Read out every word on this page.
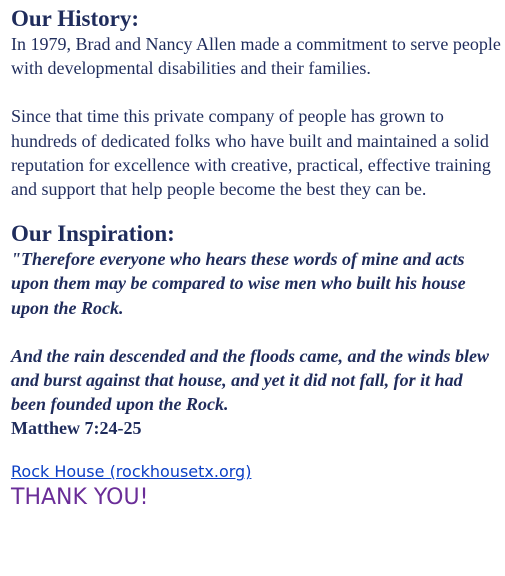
Our History:

In 1979, Brad and Nancy Allen made a commitment to serve people with developmental disabilities and their families.

Since that time this private company of people has grown to hundreds of dedicated folks who have built and maintained a solid reputation for excellence with creative, practical, effective training and support that help people become the best they can be.

Our Inspiration:

"Therefore everyone who hears these words of mine and acts upon them may be compared to wise men who built his house upon the Rock.

And the rain descended and the floods came, and the winds blew and burst against that house, and yet it did not fall, for it had been founded upon the Rock.

Matthew 7:24-25

Rock House (rockhousetx.org)

THANK YOU!
